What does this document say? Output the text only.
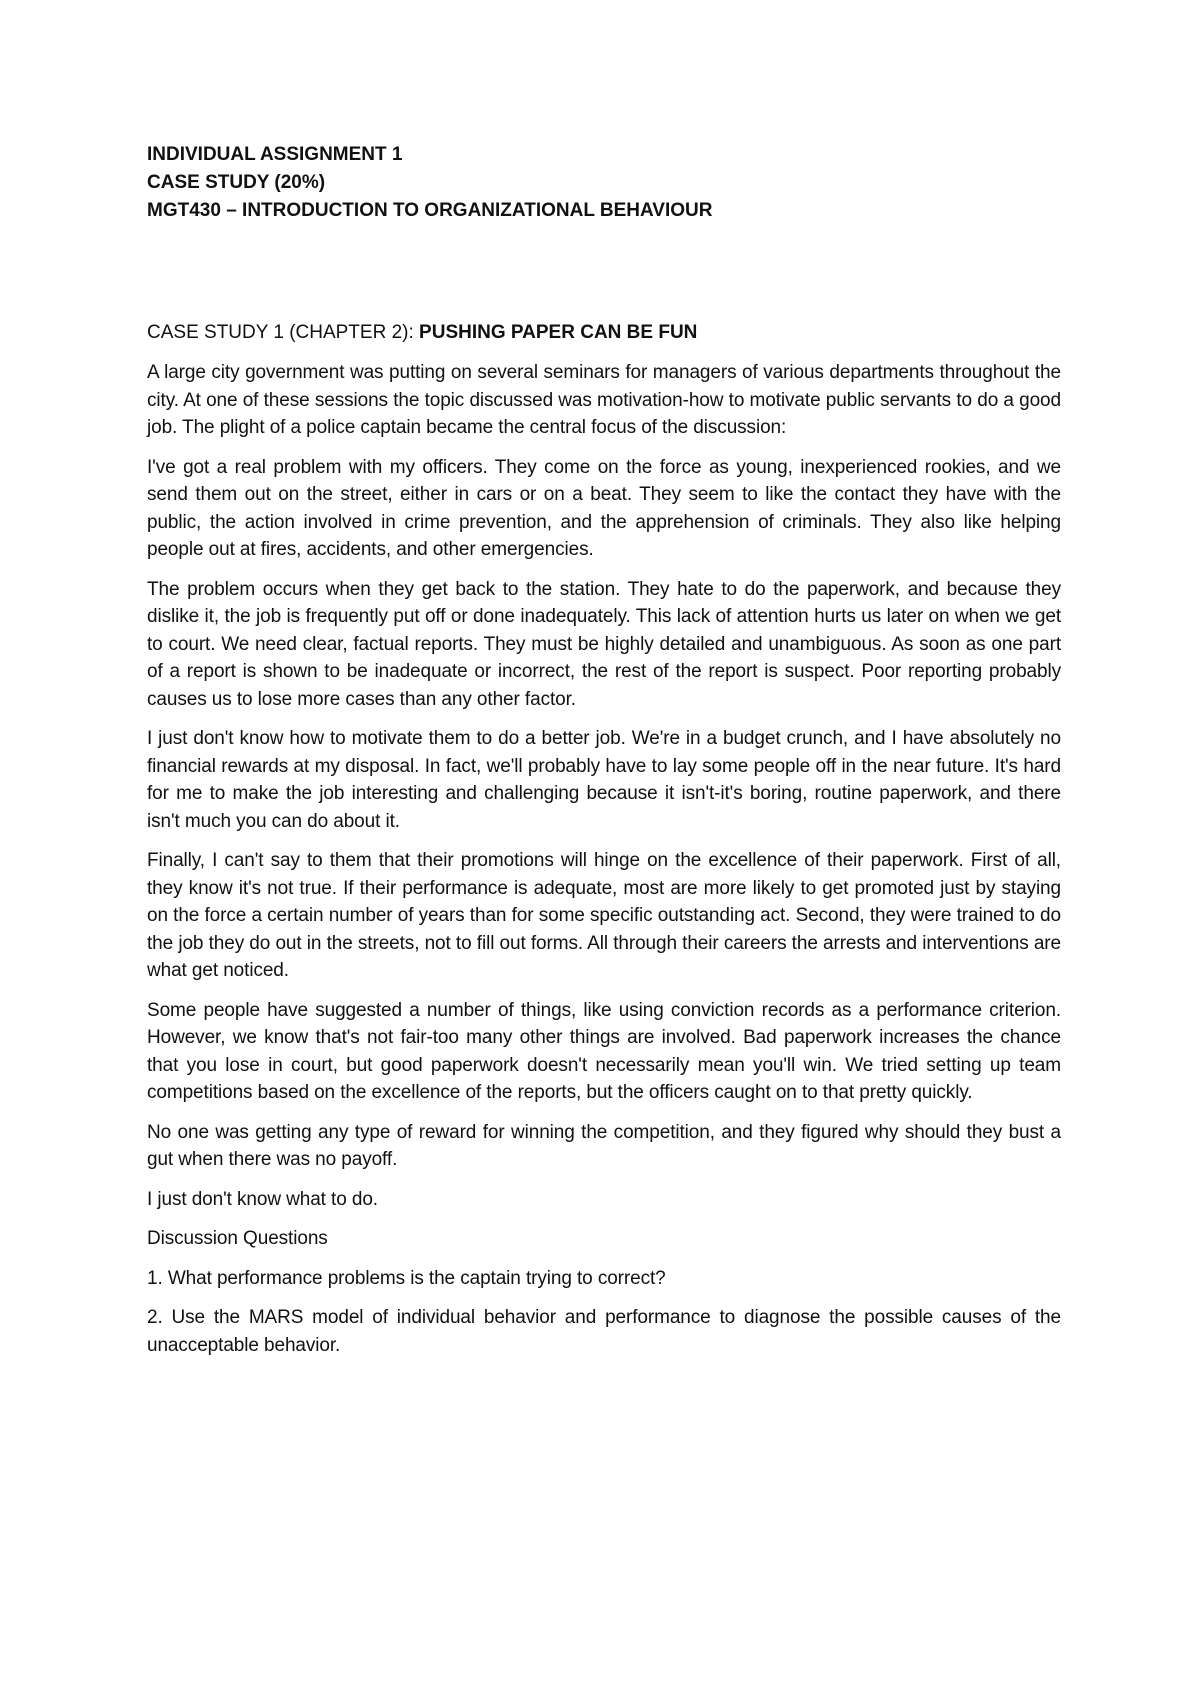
INDIVIDUAL ASSIGNMENT 1

CASE STUDY (20%)

MGT430 – INTRODUCTION TO ORGANIZATIONAL BEHAVIOUR

CASE STUDY 1 (CHAPTER 2): PUSHING PAPER CAN BE FUN

A large city government was putting on several seminars for managers of various departments throughout the city. At one of these sessions the topic discussed was motivation-how to motivate public servants to do a good job. The plight of a police captain became the central focus of the discussion:

I've got a real problem with my officers. They come on the force as young, inexperienced rookies, and we send them out on the street, either in cars or on a beat. They seem to like the contact they have with the public, the action involved in crime prevention, and the apprehension of criminals. They also like helping people out at fires, accidents, and other emergencies.

The problem occurs when they get back to the station. They hate to do the paperwork, and because they dislike it, the job is frequently put off or done inadequately. This lack of attention hurts us later on when we get to court. We need clear, factual reports. They must be highly detailed and unambiguous. As soon as one part of a report is shown to be inadequate or incorrect, the rest of the report is suspect. Poor reporting probably causes us to lose more cases than any other factor.

I just don't know how to motivate them to do a better job. We're in a budget crunch, and I have absolutely no financial rewards at my disposal. In fact, we'll probably have to lay some people off in the near future. It's hard for me to make the job interesting and challenging because it isn't-it's boring, routine paperwork, and there isn't much you can do about it.

Finally, I can't say to them that their promotions will hinge on the excellence of their paperwork. First of all, they know it's not true. If their performance is adequate, most are more likely to get promoted just by staying on the force a certain number of years than for some specific outstanding act. Second, they were trained to do the job they do out in the streets, not to fill out forms. All through their careers the arrests and interventions are what get noticed.

Some people have suggested a number of things, like using conviction records as a performance criterion. However, we know that's not fair-too many other things are involved. Bad paperwork increases the chance that you lose in court, but good paperwork doesn't necessarily mean you'll win. We tried setting up team competitions based on the excellence of the reports, but the officers caught on to that pretty quickly.

No one was getting any type of reward for winning the competition, and they figured why should they bust a gut when there was no payoff.

I just don't know what to do.

Discussion Questions

1. What performance problems is the captain trying to correct?

2. Use the MARS model of individual behavior and performance to diagnose the possible causes of the unacceptable behavior.
